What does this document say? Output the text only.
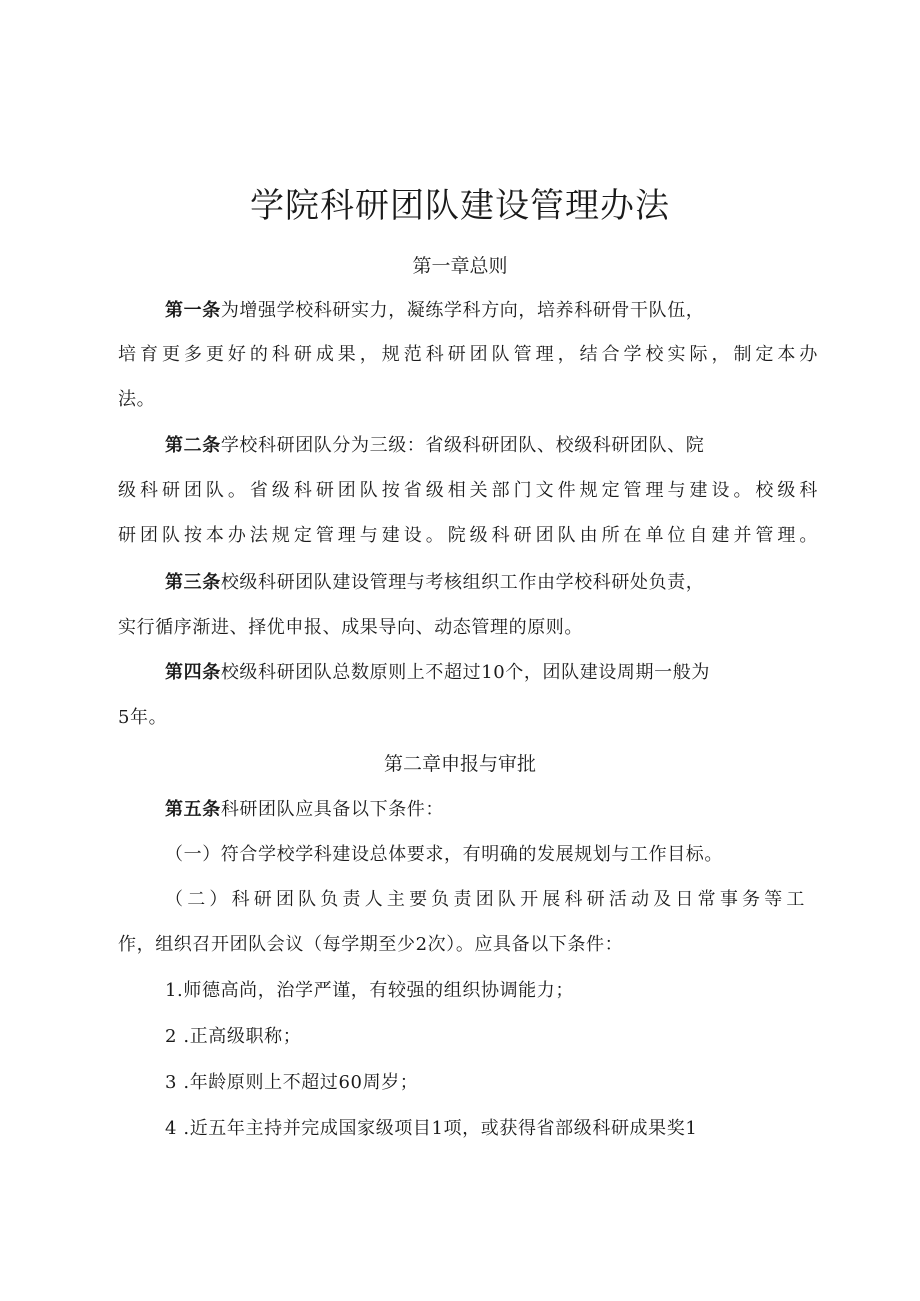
学院科研团队建设管理办法
第一章总则
第一条为增强学校科研实力，凝练学科方向，培养科研骨干队伍，
培育更多更好的科研成果，规范科研团队管理，结合学校实际，制定本办
法。
第二条学校科研团队分为三级：省级科研团队、校级科研团队、院
级科研团队。省级科研团队按省级相关部门文件规定管理与建设。校级科
研团队按本办法规定管理与建设。院级科研团队由所在单位自建并管理。
第三条校级科研团队建设管理与考核组织工作由学校科研处负责，
实行循序渐进、择优申报、成果导向、动态管理的原则。
第四条校级科研团队总数原则上不超过10个，团队建设周期一般为
5年。
第二章申报与审批
第五条科研团队应具备以下条件：
（一）符合学校学科建设总体要求，有明确的发展规划与工作目标。
（二）科研团队负责人主要负责团队开展科研活动及日常事务等工
作，组织召开团队会议（每学期至少2次）。应具备以下条件：
1.师德高尚，治学严谨，有较强的组织协调能力；
2 .正高级职称；
3 .年龄原则上不超过60周岁；
4 .近五年主持并完成国家级项目1项，或获得省部级科研成果奖1
